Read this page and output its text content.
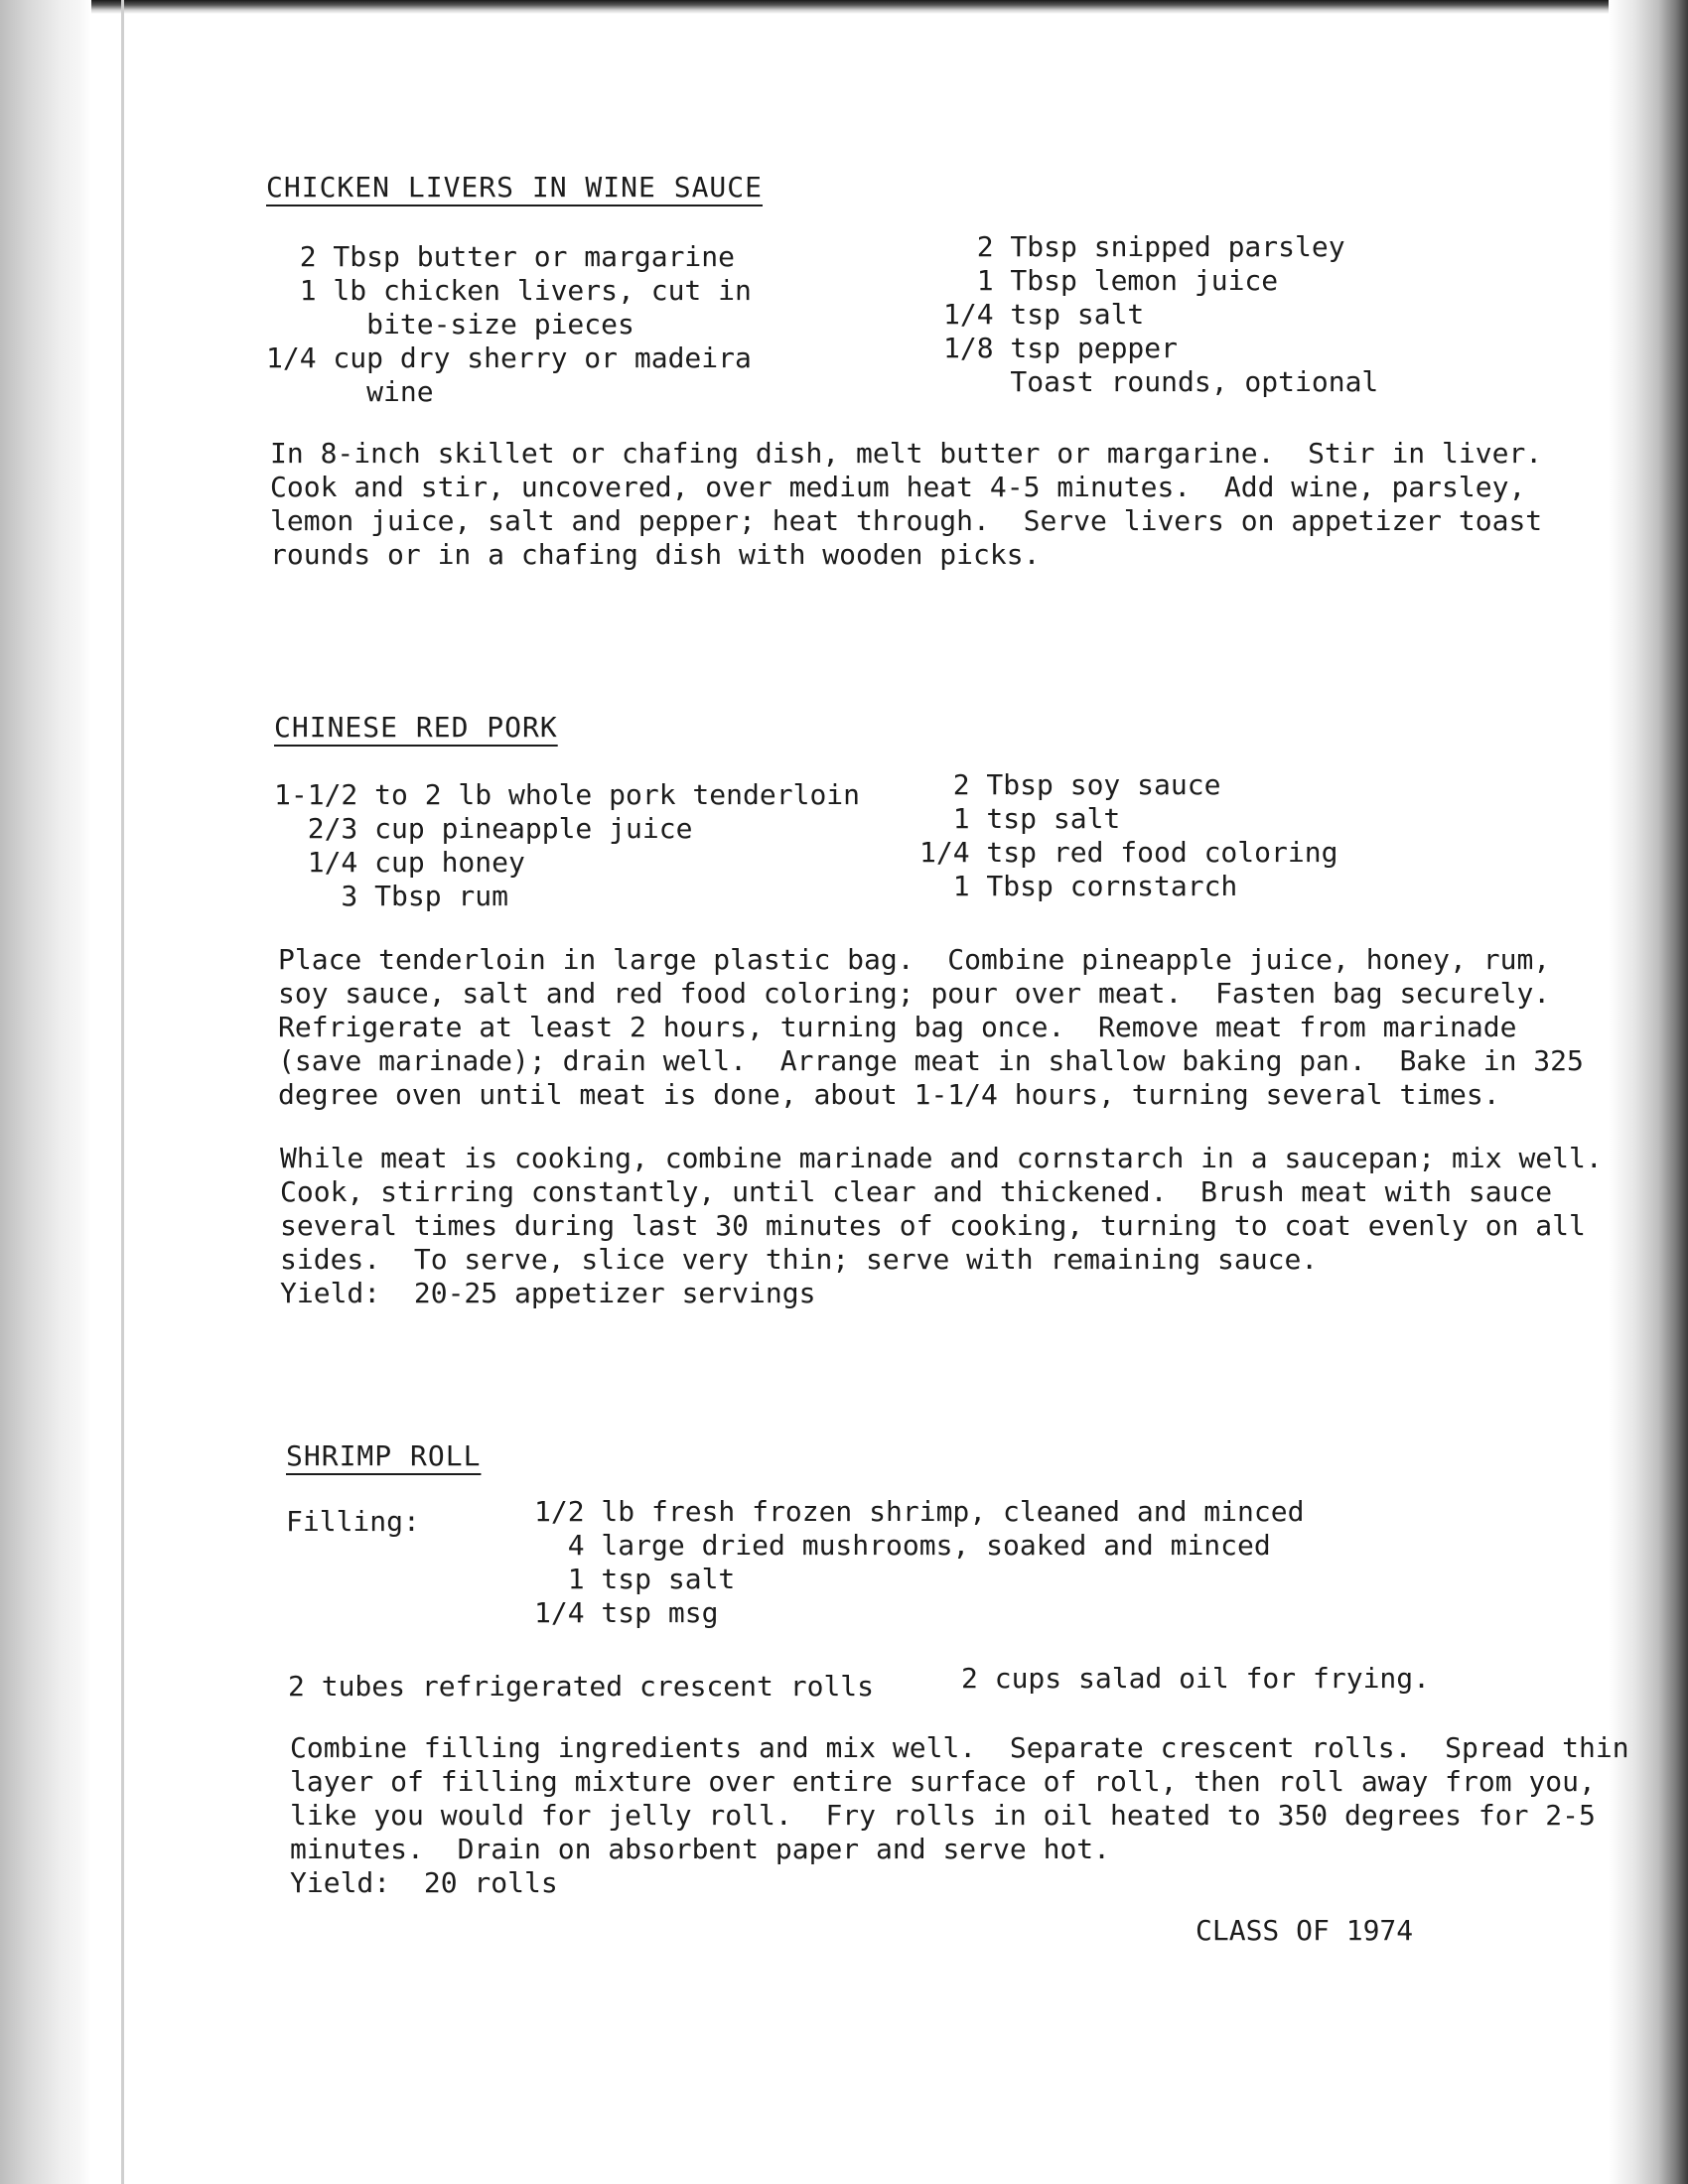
CHICKEN LIVERS IN WINE SAUCE
2 Tbsp butter or margarine
1 lb chicken livers, cut in
bite-size pieces
1/4 cup dry sherry or madeira
wine
2 Tbsp snipped parsley
1 Tbsp lemon juice
1/4 tsp salt
1/8 tsp pepper
Toast rounds, optional
In 8-inch skillet or chafing dish, melt butter or margarine.  Stir in liver.
Cook and stir, uncovered, over medium heat 4-5 minutes.  Add wine, parsley,
lemon juice, salt and pepper; heat through.  Serve livers on appetizer toast
rounds or in a chafing dish with wooden picks.
CHINESE RED PORK
1-1/2 to 2 lb whole pork tenderloin
2/3 cup pineapple juice
1/4 cup honey
3 Tbsp rum
2 Tbsp soy sauce
1 tsp salt
1/4 tsp red food coloring
1 Tbsp cornstarch
Place tenderloin in large plastic bag.  Combine pineapple juice, honey, rum,
soy sauce, salt and red food coloring; pour over meat.  Fasten bag securely.
Refrigerate at least 2 hours, turning bag once.  Remove meat from marinade
(save marinade); drain well.  Arrange meat in shallow baking pan.  Bake in 325
degree oven until meat is done, about 1-1/4 hours, turning several times.
While meat is cooking, combine marinade and cornstarch in a saucepan; mix well.
Cook, stirring constantly, until clear and thickened.  Brush meat with sauce
several times during last 30 minutes of cooking, turning to coat evenly on all
sides.  To serve, slice very thin; serve with remaining sauce.
Yield:  20-25 appetizer servings
SHRIMP ROLL
Filling:	1/2 lb fresh frozen shrimp, cleaned and minced
4 large dried mushrooms, soaked and minced
1 tsp salt
1/4 tsp msg
2 tubes refrigerated crescent rolls	2 cups salad oil for frying.
Combine filling ingredients and mix well.  Separate crescent rolls.  Spread thin
layer of filling mixture over entire surface of roll, then roll away from you,
like you would for jelly roll.  Fry rolls in oil heated to 350 degrees for 2-5
minutes.  Drain on absorbent paper and serve hot.
Yield:  20 rolls
CLASS OF 1974
